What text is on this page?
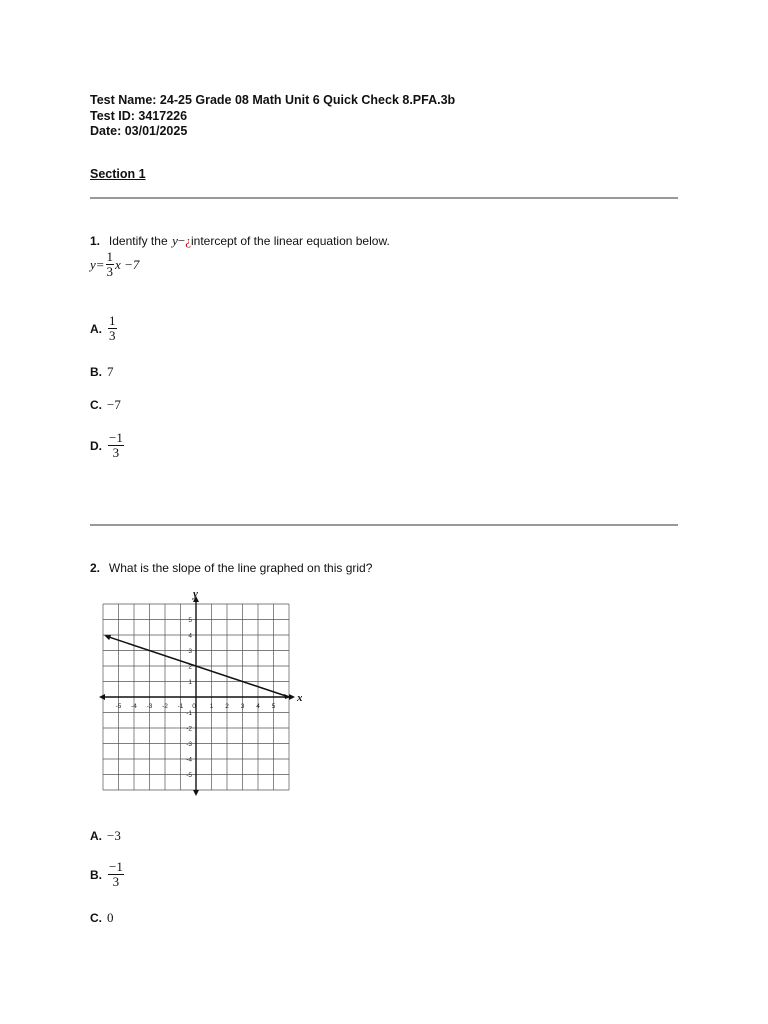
Test Name: 24-25 Grade 08 Math Unit 6 Quick Check 8.PFA.3b
Test ID: 3417226
Date: 03/01/2025
Section 1
1. Identify the y−¿intercept of the linear equation below.
$y= \frac{1}{3}$ x −7
A. $\frac{1}{3}$
B. 7
C. −7
D. $\frac{-1}{3}$
2. What is the slope of the line graphed on this grid?
x
y
-5 -4 -3 -2 -1 0 1 2 3 4 5
5
4
3
2
1
-1
-2
-3
-4
-5
A. −3
B. $\frac{-1}{3}$
C. 0
